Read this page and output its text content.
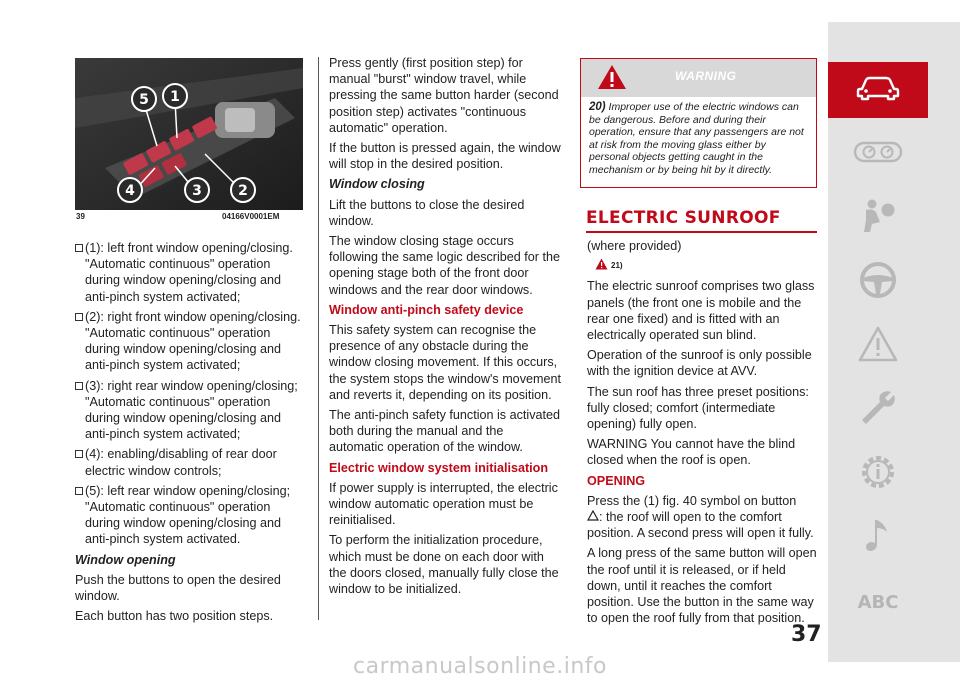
5 1
4	3	2
39	04166V0001EM

(1): left front window opening/closing. "Automatic continuous" operation during window opening/closing and anti-pinch system activated;

(2): right front window opening/closing. "Automatic continuous" operation during window opening/closing and anti-pinch system activated;

(3): right rear window opening/closing; "Automatic continuous" operation during window opening/closing and anti-pinch system activated;

(4): enabling/disabling of rear door electric window controls;

(5): left rear window opening/closing; "Automatic continuous" operation during window opening/closing and anti-pinch system activated.

Window opening

Push the buttons to open the desired window.

Each button has two position steps.

Press gently (first position step) for manual "burst" window travel, while pressing the same button harder (second position step) activates "continuous automatic" operation.

If the button is pressed again, the window will stop in the desired position.

Window closing

Lift the buttons to close the desired window.

The window closing stage occurs following the same logic described for the opening stage both of the front door windows and the rear door windows.

Window anti-pinch safety device

This safety system can recognise the presence of any obstacle during the window closing movement. If this occurs, the system stops the window's movement and reverts it, depending on its position.

The anti-pinch safety function is activated both during the manual and the automatic operation of the window.

Electric window system initialisation

If power supply is interrupted, the electric window automatic operation must be reinitialised.

To perform the initialization procedure, which must be done on each door with the doors closed, manually fully close the window to be initialized.

WARNING
20) Improper use of the electric windows can be dangerous. Before and during their operation, ensure that any passengers are not at risk from the moving glass either by personal objects getting caught in the mechanism or by being hit by it directly.
ELECTRIC SUNROOF

(where provided)

$^{21)}$

The electric sunroof comprises two glass panels (the front one is mobile and the rear one fixed) and is fitted with an electrically operated sun blind.

Operation of the sunroof is only possible with the ignition device at AVV.

The sun roof has three preset positions: fully closed; comfort (intermediate opening) fully open.

WARNING You cannot have the blind closed when the roof is open.

OPENING

Press the (1) fig. 40 symbol on button
: the roof will open to the comfort position. A second press will open it fully.

A long press of the same button will open the roof until it is released, or if held down, until it reaches the comfort position. Use the button in the same way to open the roof fully from that position.

37
ABC
carmanualsonline.info
